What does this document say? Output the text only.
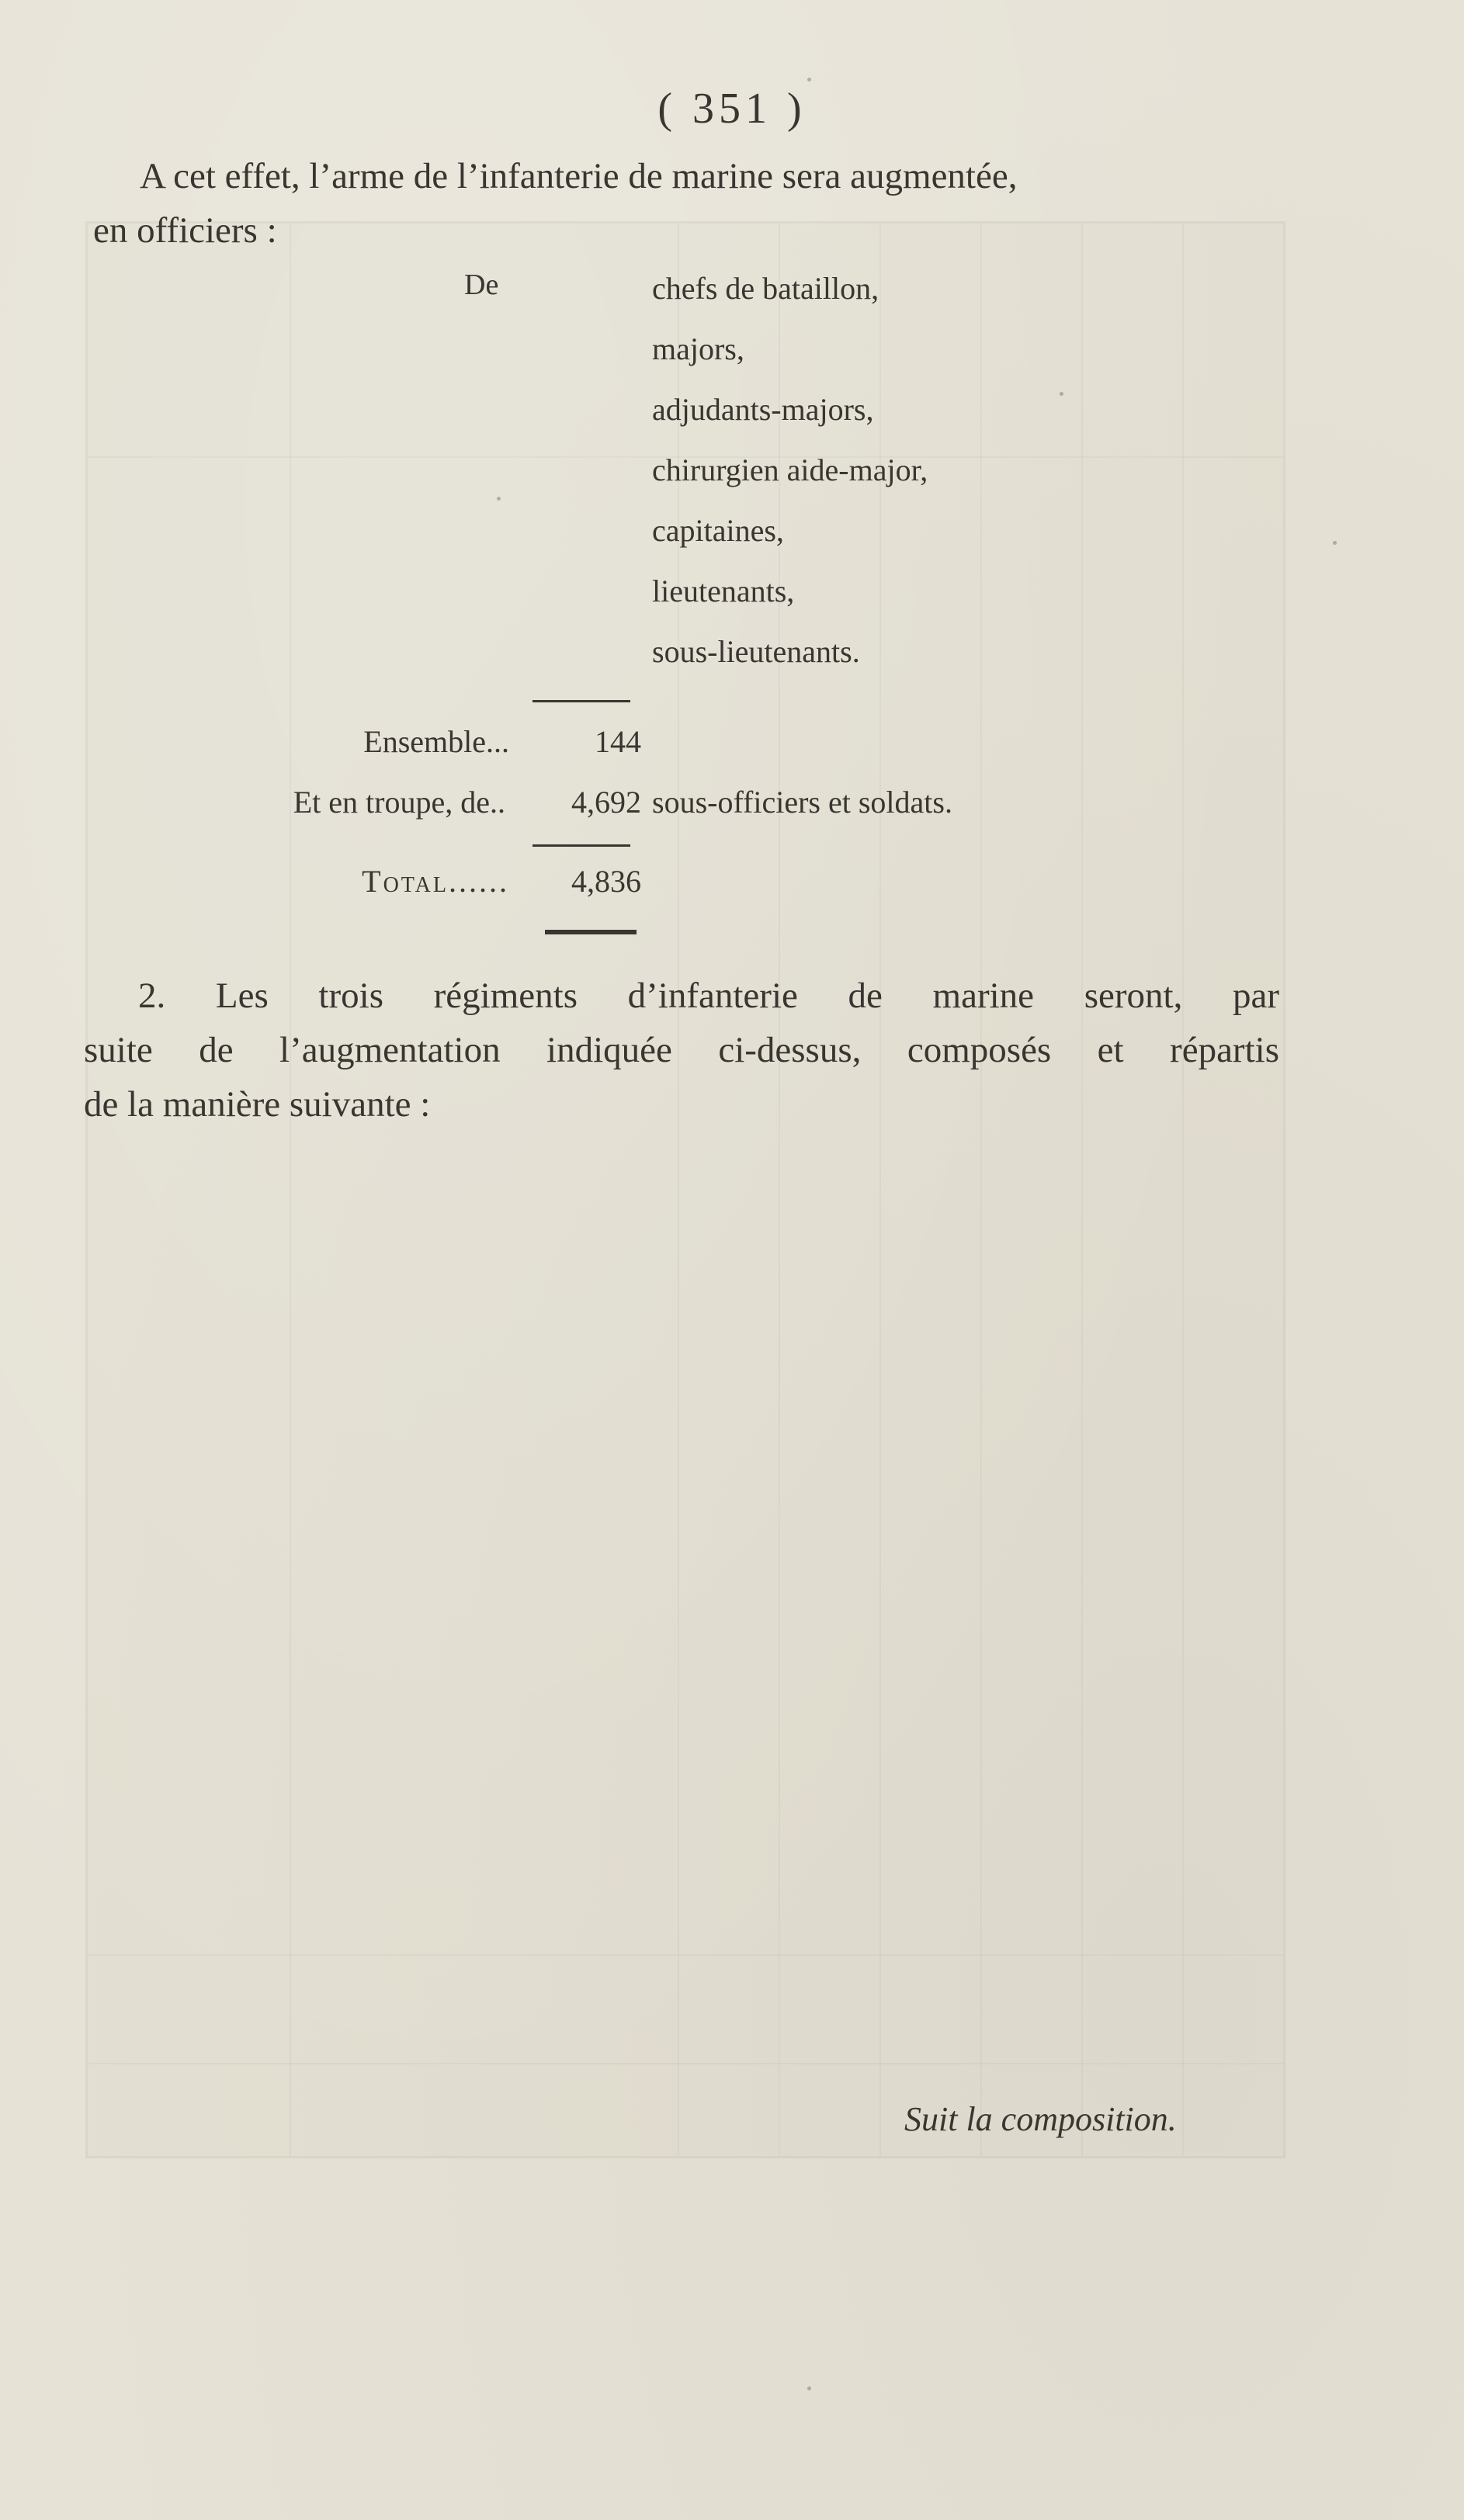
( 351 )
A cet effet, l’arme de l’infanterie de marine sera augmentée,
en officiers :
De	chefs de bataillon,
majors,
adjudants-majors,
chirurgien aide-major,
capitaines,
lieutenants,
sous-lieutenants.
Ensemble...	144
Et en troupe, de..	4,692 sous-officiers et soldats.
Total......	4,836
2. Les trois régiments d’infanterie de marine seront, par
suite de l’augmentation indiquée ci-dessus, composés et répartis
de la manière suivante :
Suit la composition.
